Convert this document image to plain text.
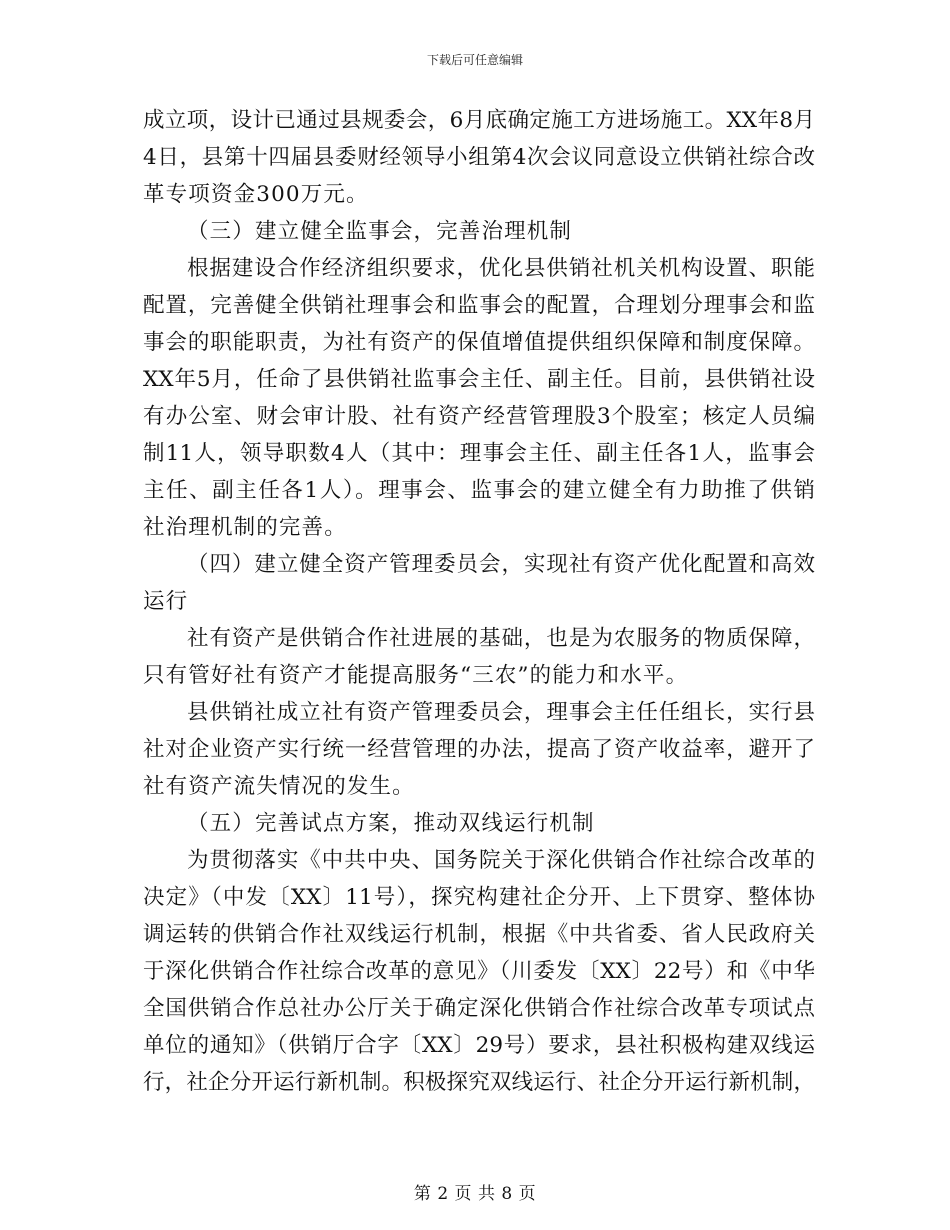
下载后可任意编辑
成立项，设计已通过县规委会，6月底确定施工方进场施工。XX年8月
4日，县第十四届县委财经领导小组第4次会议同意设立供销社综合改
革专项资金300万元。
（三）建立健全监事会，完善治理机制
根据建设合作经济组织要求，优化县供销社机关机构设置、职能
配置，完善健全供销社理事会和监事会的配置，合理划分理事会和监
事会的职能职责，为社有资产的保值增值提供组织保障和制度保障。
XX年5月，任命了县供销社监事会主任、副主任。目前，县供销社设
有办公室、财会审计股、社有资产经营管理股3个股室；核定人员编
制11人，领导职数4人（其中：理事会主任、副主任各1人，监事会
主任、副主任各1人）。理事会、监事会的建立健全有力助推了供销
社治理机制的完善。
（四）建立健全资产管理委员会，实现社有资产优化配置和高效
运行
社有资产是供销合作社进展的基础，也是为农服务的物质保障，
只有管好社有资产才能提高服务“三农”的能力和水平。
县供销社成立社有资产管理委员会，理事会主任任组长，实行县
社对企业资产实行统一经营管理的办法，提高了资产收益率，避开了
社有资产流失情况的发生。
（五）完善试点方案，推动双线运行机制
为贯彻落实《中共中央、国务院关于深化供销合作社综合改革的
决定》（中发〔XX〕11号），探究构建社企分开、上下贯穿、整体协
调运转的供销合作社双线运行机制，根据《中共省委、省人民政府关
于深化供销合作社综合改革的意见》（川委发〔XX〕22号）和《中华
全国供销合作总社办公厅关于确定深化供销合作社综合改革专项试点
单位的通知》（供销厅合字〔XX〕29号）要求，县社积极构建双线运
行，社企分开运行新机制。积极探究双线运行、社企分开运行新机制，
第 2 页 共 8 页
